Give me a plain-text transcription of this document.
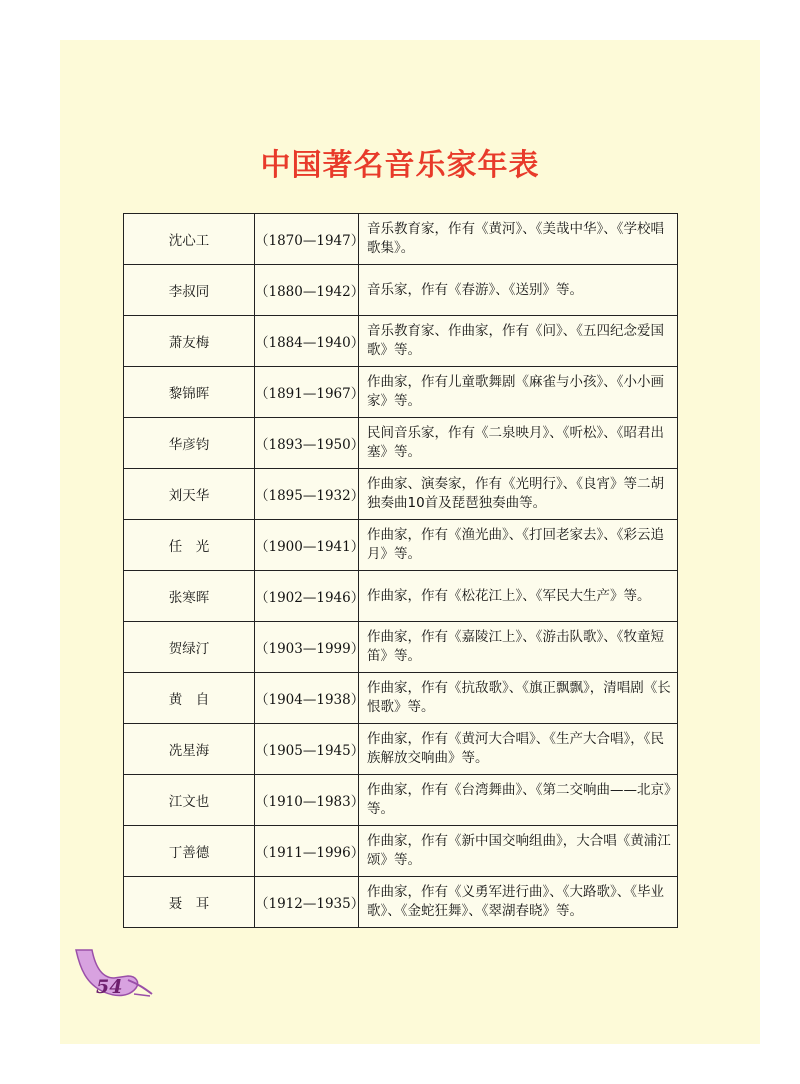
中国著名音乐家年表
沈心工	（1870—1947）	音乐教育家，作有《黄河》、《美哉中华》、《学校唱歌集》。
李叔同	（1880—1942）	音乐家，作有《春游》、《送别》等。
萧友梅	（1884—1940）	音乐教育家、作曲家，作有《问》、《五四纪念爱国歌》等。
黎锦晖	（1891—1967）	作曲家，作有儿童歌舞剧《麻雀与小孩》、《小小画家》等。
华彦钧	（1893—1950）	民间音乐家，作有《二泉映月》、《听松》、《昭君出塞》等。
刘天华	（1895—1932）	作曲家、演奏家，作有《光明行》、《良宵》等二胡独奏曲10首及琵琶独奏曲等。
任　光	（1900—1941）	作曲家，作有《渔光曲》、《打回老家去》、《彩云追月》等。
张寒晖	（1902—1946）	作曲家，作有《松花江上》、《军民大生产》等。
贺绿汀	（1903—1999）	作曲家，作有《嘉陵江上》、《游击队歌》、《牧童短笛》等。
黄　自	（1904—1938）	作曲家，作有《抗敌歌》、《旗正飘飘》，清唱剧《长恨歌》等。
冼星海	（1905—1945）	作曲家，作有《黄河大合唱》、《生产大合唱》，《民族解放交响曲》等。
江文也	（1910—1983）	作曲家，作有《台湾舞曲》、《第二交响曲——北京》等。
丁善德	（1911—1996）	作曲家，作有《新中国交响组曲》，大合唱《黄浦江颂》等。
聂　耳	（1912—1935）	作曲家，作有《义勇军进行曲》、《大路歌》、《毕业歌》、《金蛇狂舞》、《翠湖春晓》等。
54
